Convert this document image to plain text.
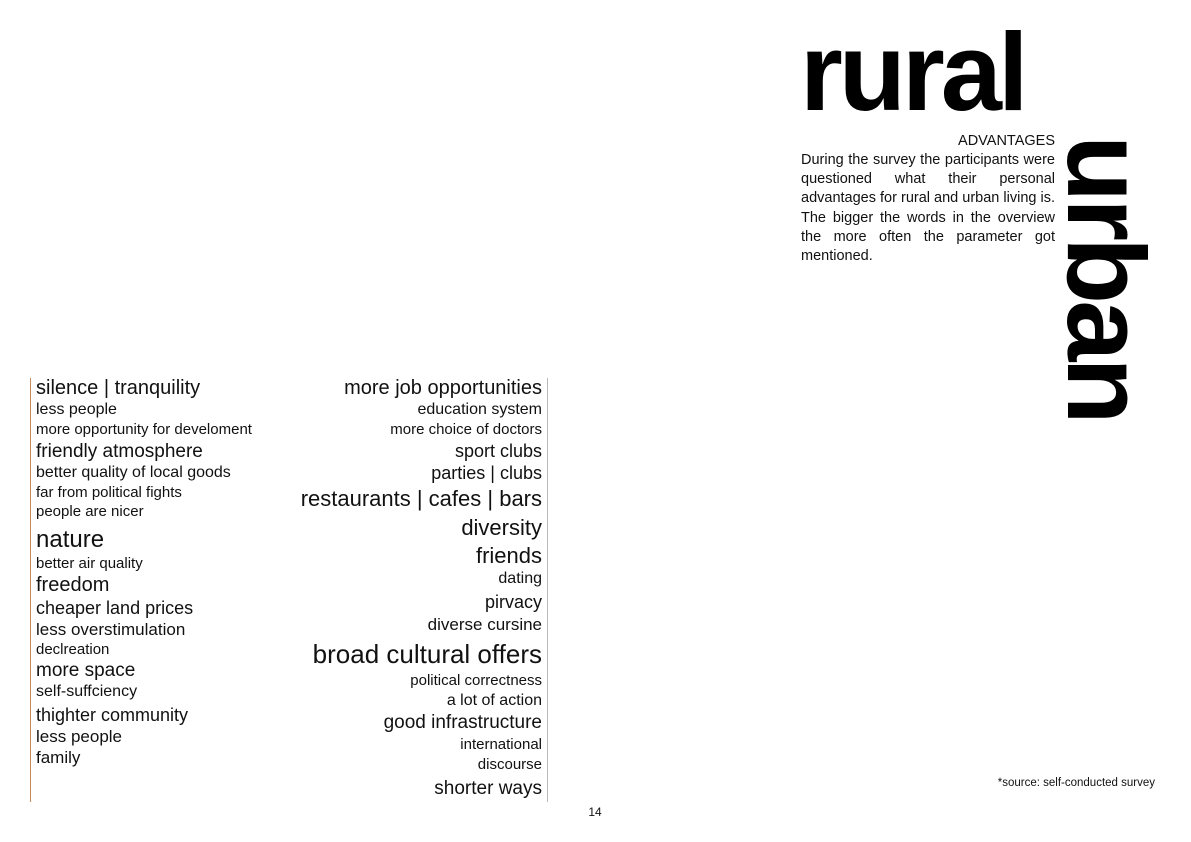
rural
urban
ADVANTAGES
During the survey the participants were questioned what their personal advantages for rural and urban living is. The bigger the words in the overview the more often the parameter got mentioned.
silence | tranquility
less people
more opportunity for develoment
friendly atmosphere
better quality of local goods
far from political fights
people are nicer
nature
better air quality
freedom
cheaper land prices
less overstimulation
declreation
more space
self-suffciency
thighter community
less people
family
more job opportunities
education system
more choice of doctors
sport clubs
parties | clubs
restaurants | cafes | bars
diversity
friends
dating
pirvacy
diverse cursine
broad cultural offers
political correctness
a lot of action
good infrastructure
international
discourse
shorter ways
14
*source: self-conducted survey
